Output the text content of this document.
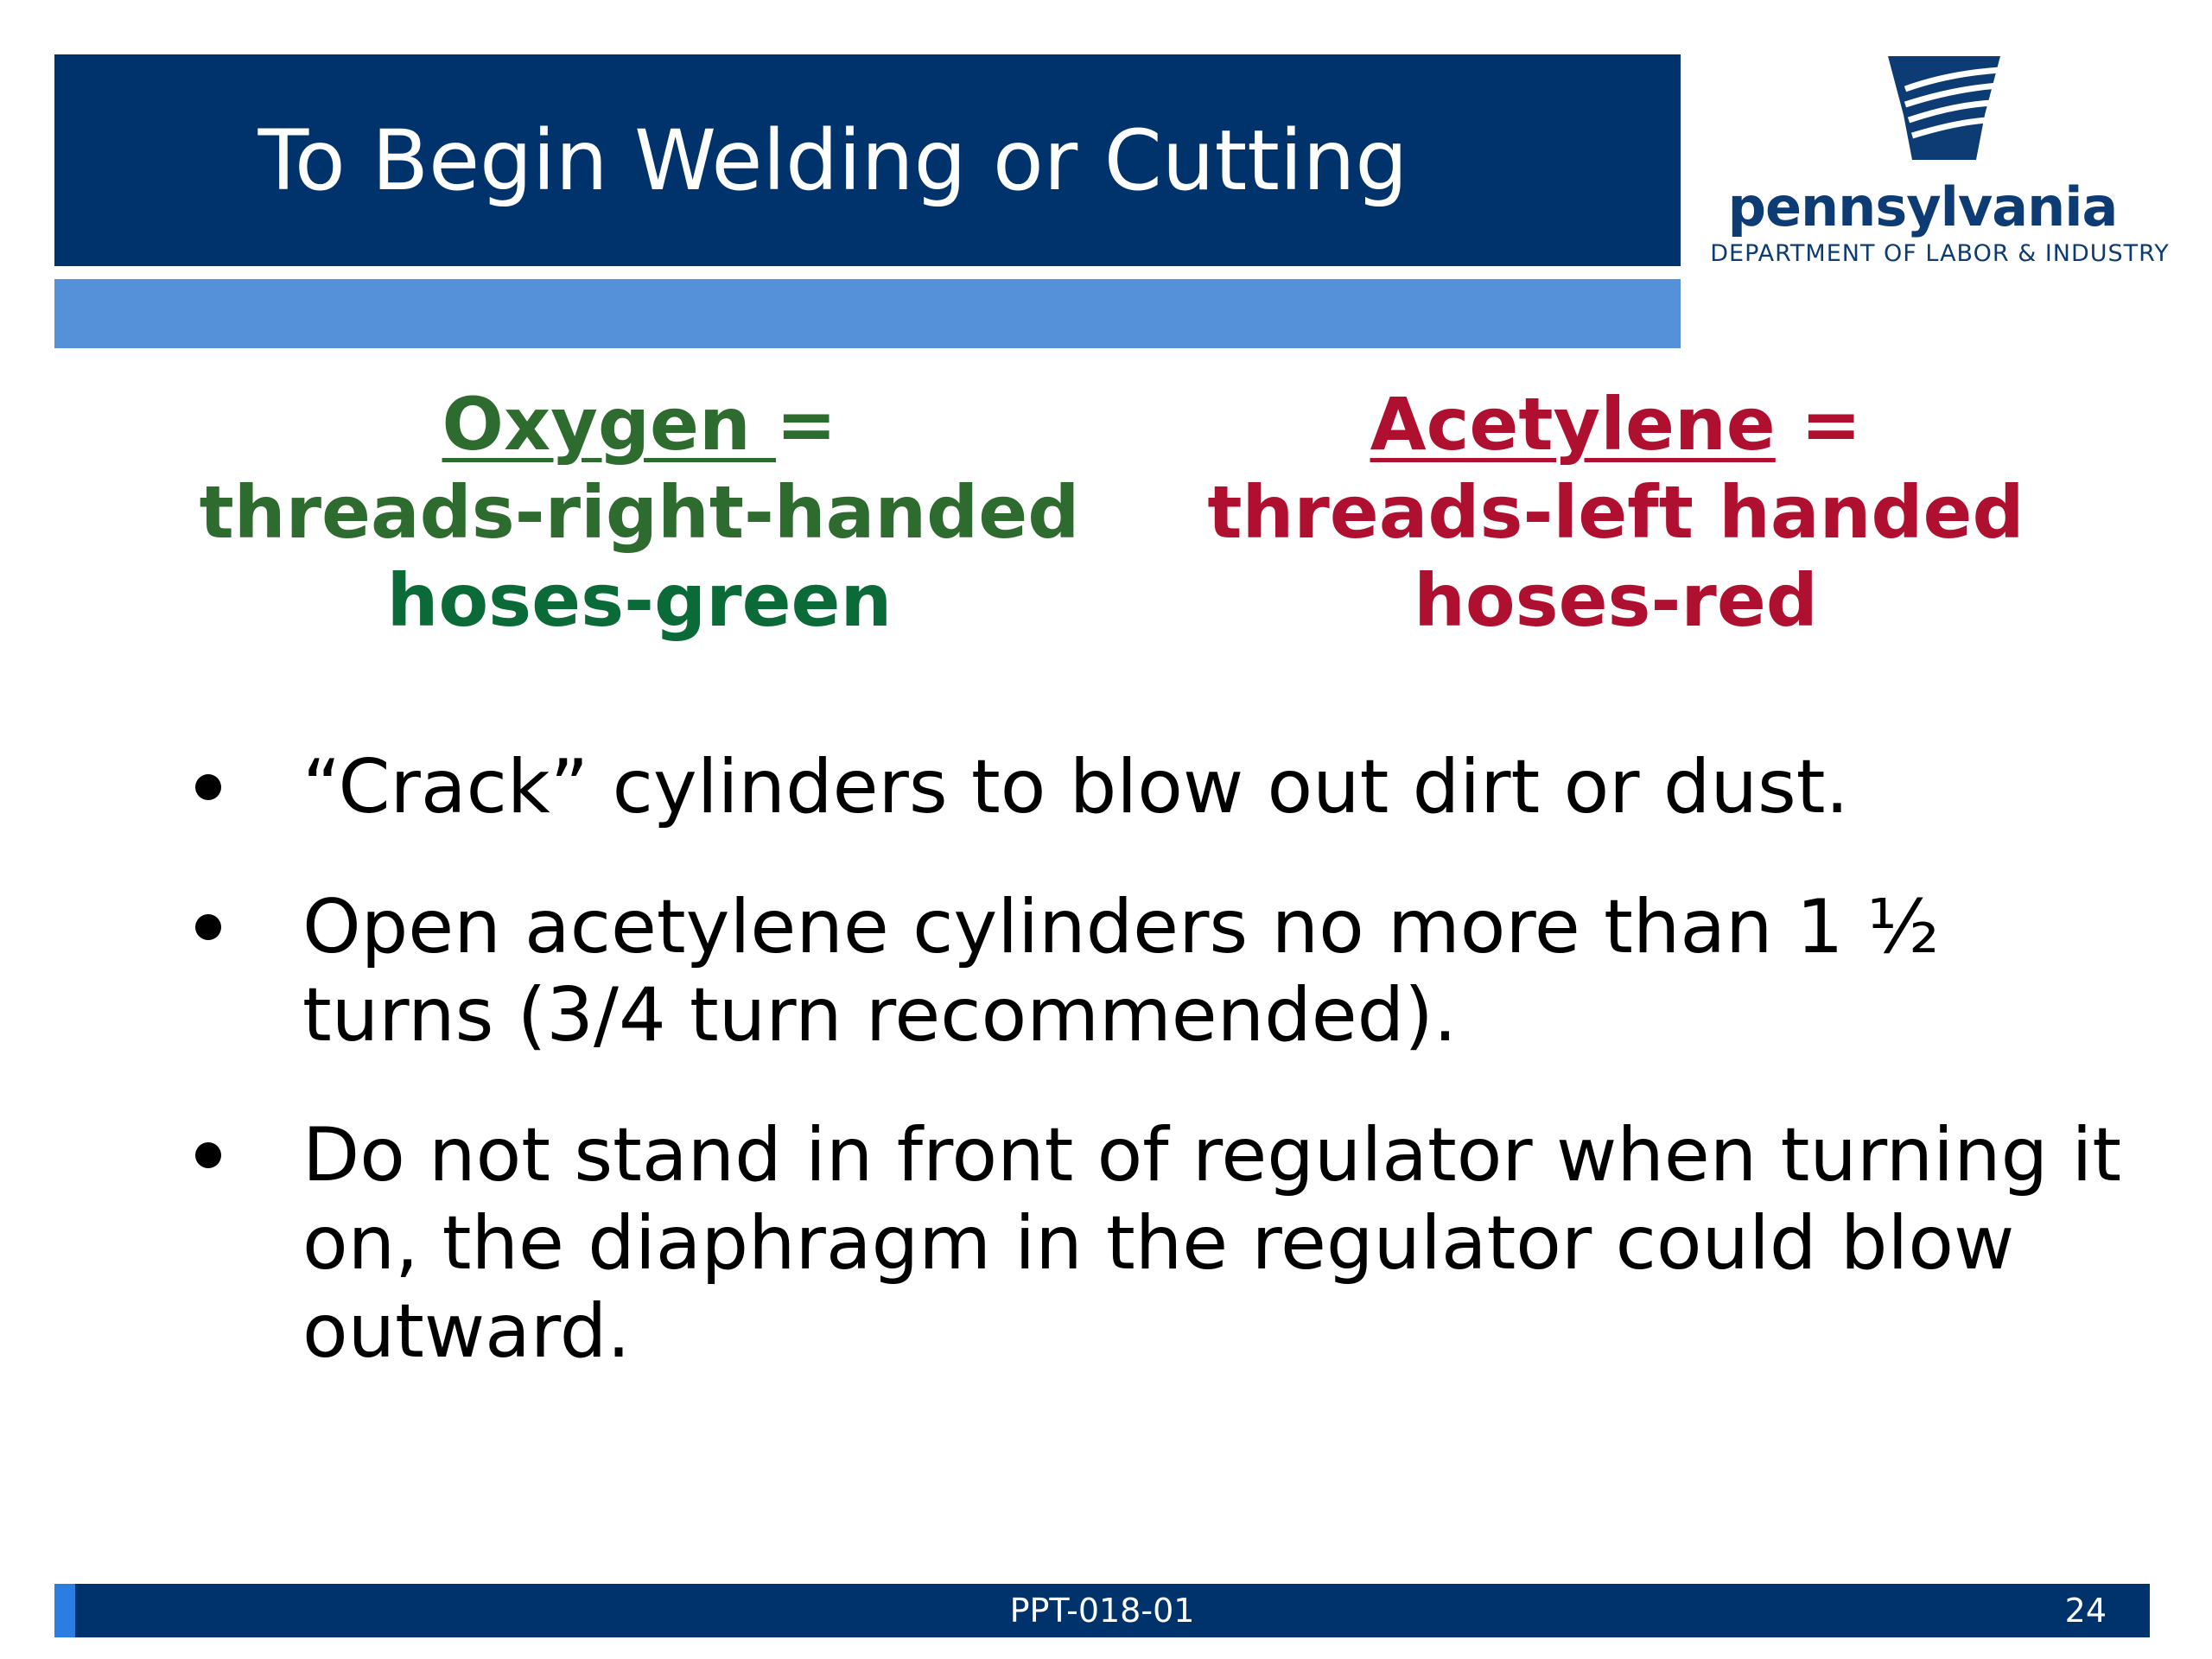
To Begin Welding or Cutting	pennsylvania
DEPARTMENT OF LABOR & INDUSTRY
Oxygen =
threads-right-handed
hoses-green
Acetylene =
threads-left handed
hoses-red
“Crack” cylinders to blow out dirt or dust.
Open acetylene cylinders no more than 1 ½ turns (3/4 turn recommended).
Do not stand in front of regulator when turning it on, the diaphragm in the regulator could blow outward.
PPT-018-01	24
